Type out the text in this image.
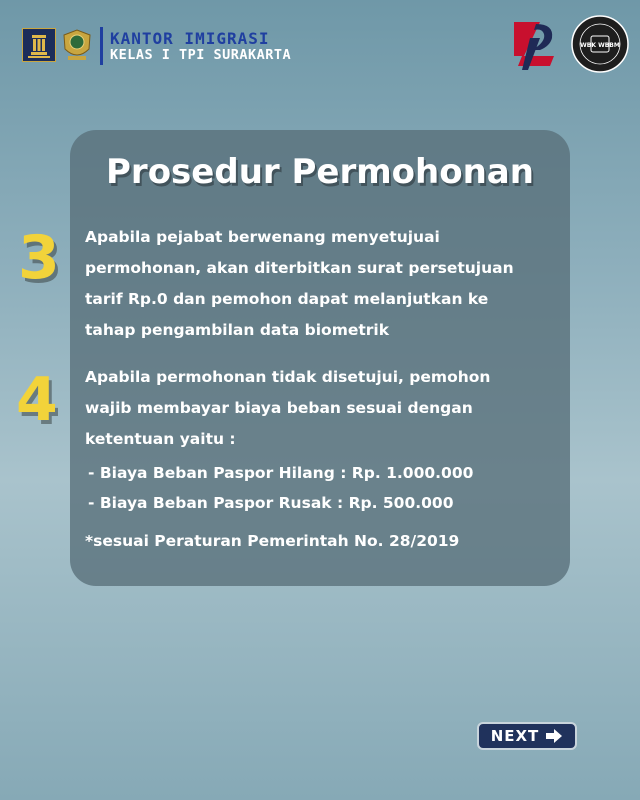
KANTOR IMIGRASI
KELAS I TPI SURAKARTA
WBK WBBM
Prosedur Permohonan
3 Apabila pejabat berwenang menyetujuai
permohonan, akan diterbitkan surat persetujuan
tarif Rp.0 dan pemohon dapat melanjutkan ke
tahap pengambilan data biometrik

4 Apabila permohonan tidak disetujui, pemohon
wajib membayar biaya beban sesuai dengan
ketentuan yaitu :

- Biaya Beban Paspor Hilang : Rp. 1.000.000
- Biaya Beban Paspor Rusak : Rp. 500.000
*sesuai Peraturan Pemerintah No. 28/2019
NEXT
